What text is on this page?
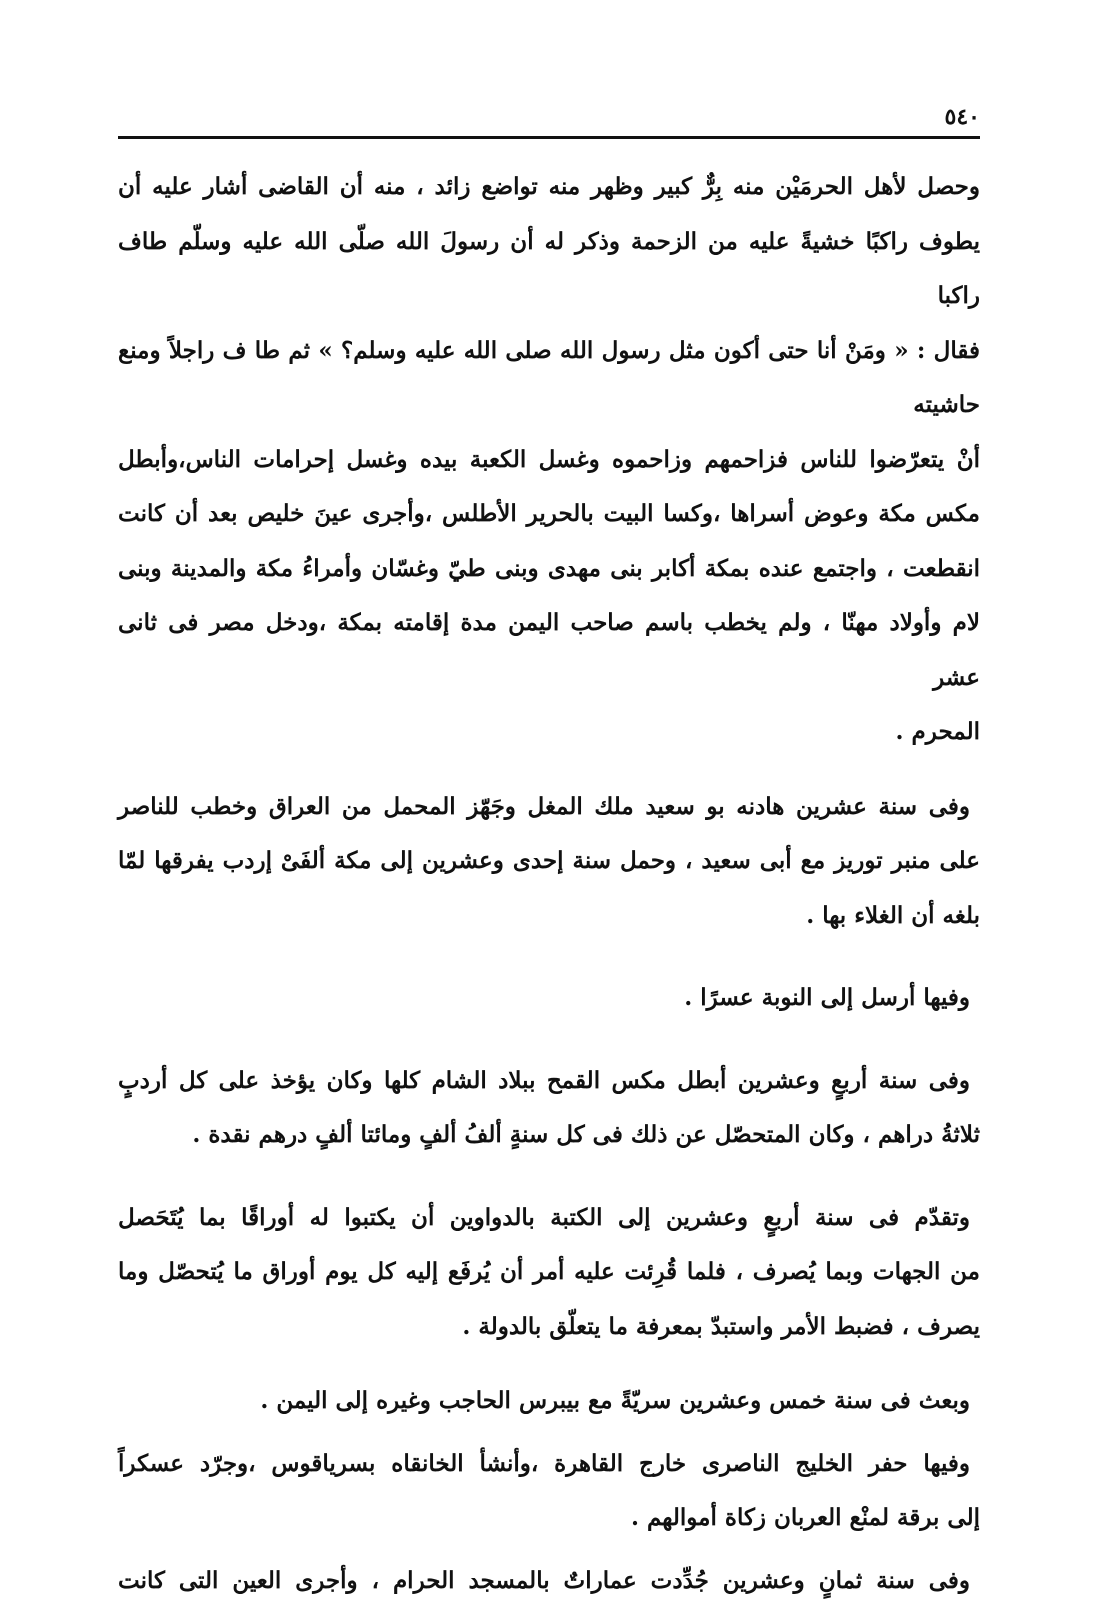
٥٤٠

وحصل لأهل الحرمَيْن منه بِرٌّ كبير وظهر منه تواضع زائد ، منه أن القاضى أشار عليه أن
يطوف راكبًا خشيةً عليه من الزحمة وذكر له أن رسولَ الله صلّى الله عليه وسلّم طاف راكبا
فقال : « ومَنْ أنا حتى أكون مثل رسول الله صلى الله عليه وسلم؟ » ثم طا ف راجلاً ومنع حاشيته
أنْ يتعرّضوا للناس فزاحمهم وزاحموه وغسل الكعبة بيده وغسل إحرامات الناس،وأبطل
مكس مكة وعوض أسراها ،وكسا البيت بالحرير الأطلس ،وأجرى عينَ خليص بعد أن كانت
انقطعت ، واجتمع عنده بمكة أكابر بنى مهدى وبنى طيّ وغسّان وأمراءُ مكة والمدينة وبنى
لام وأولاد مهنّا ، ولم يخطب باسم صاحب اليمن مدة إقامته بمكة ،ودخل مصر فى ثانى عشر
المحرم .

وفى سنة عشرين هادنه بو سعيد ملك المغل وجَهّز المحمل من العراق وخطب للناصر
على منبر توريز مع أبى سعيد ، وحمل سنة إحدى وعشرين إلى مكة ألفَىْ إردب يفرقها لمّا
بلغه أن الغلاء بها .

وفيها أرسل إلى النوبة عسرًا .

وفى سنة أربعٍ وعشرين أبطل مكس القمح ببلاد الشام كلها وكان يؤخذ على كل أردبٍ
ثلاثةُ دراهم ، وكان المتحصّل عن ذلك فى كل سنةٍ ألفُ ألفٍ ومائتا ألفٍ درهم نقدة .

وتقدّم فى سنة أربعٍ وعشرين إلى الكتبة بالدواوين أن يكتبوا له أوراقًا بما يُتَحَصل
من الجهات وبما يُصرف ، فلما قُرِئت عليه أمر أن يُرفَع إليه كل يوم أوراق ما يُتحصّل وما
يصرف ، فضبط الأمر واستبدّ بمعرفة ما يتعلّق بالدولة .

وبعث فى سنة خمس وعشرين سريّةً مع بيبرس الحاجب وغيره إلى اليمن .

وفيها حفر الخليج الناصرى خارج القاهرة ،وأنشأ الخانقاه بسرياقوس ،وجرّد عسكراً
إلى برقة لمنْع العربان زكاة أموالهم .

وفى سنة ثمانٍ وعشرين جُدِّدت عماراتٌ بالمسجد الحرام ، وأجرى العين التى كانت
